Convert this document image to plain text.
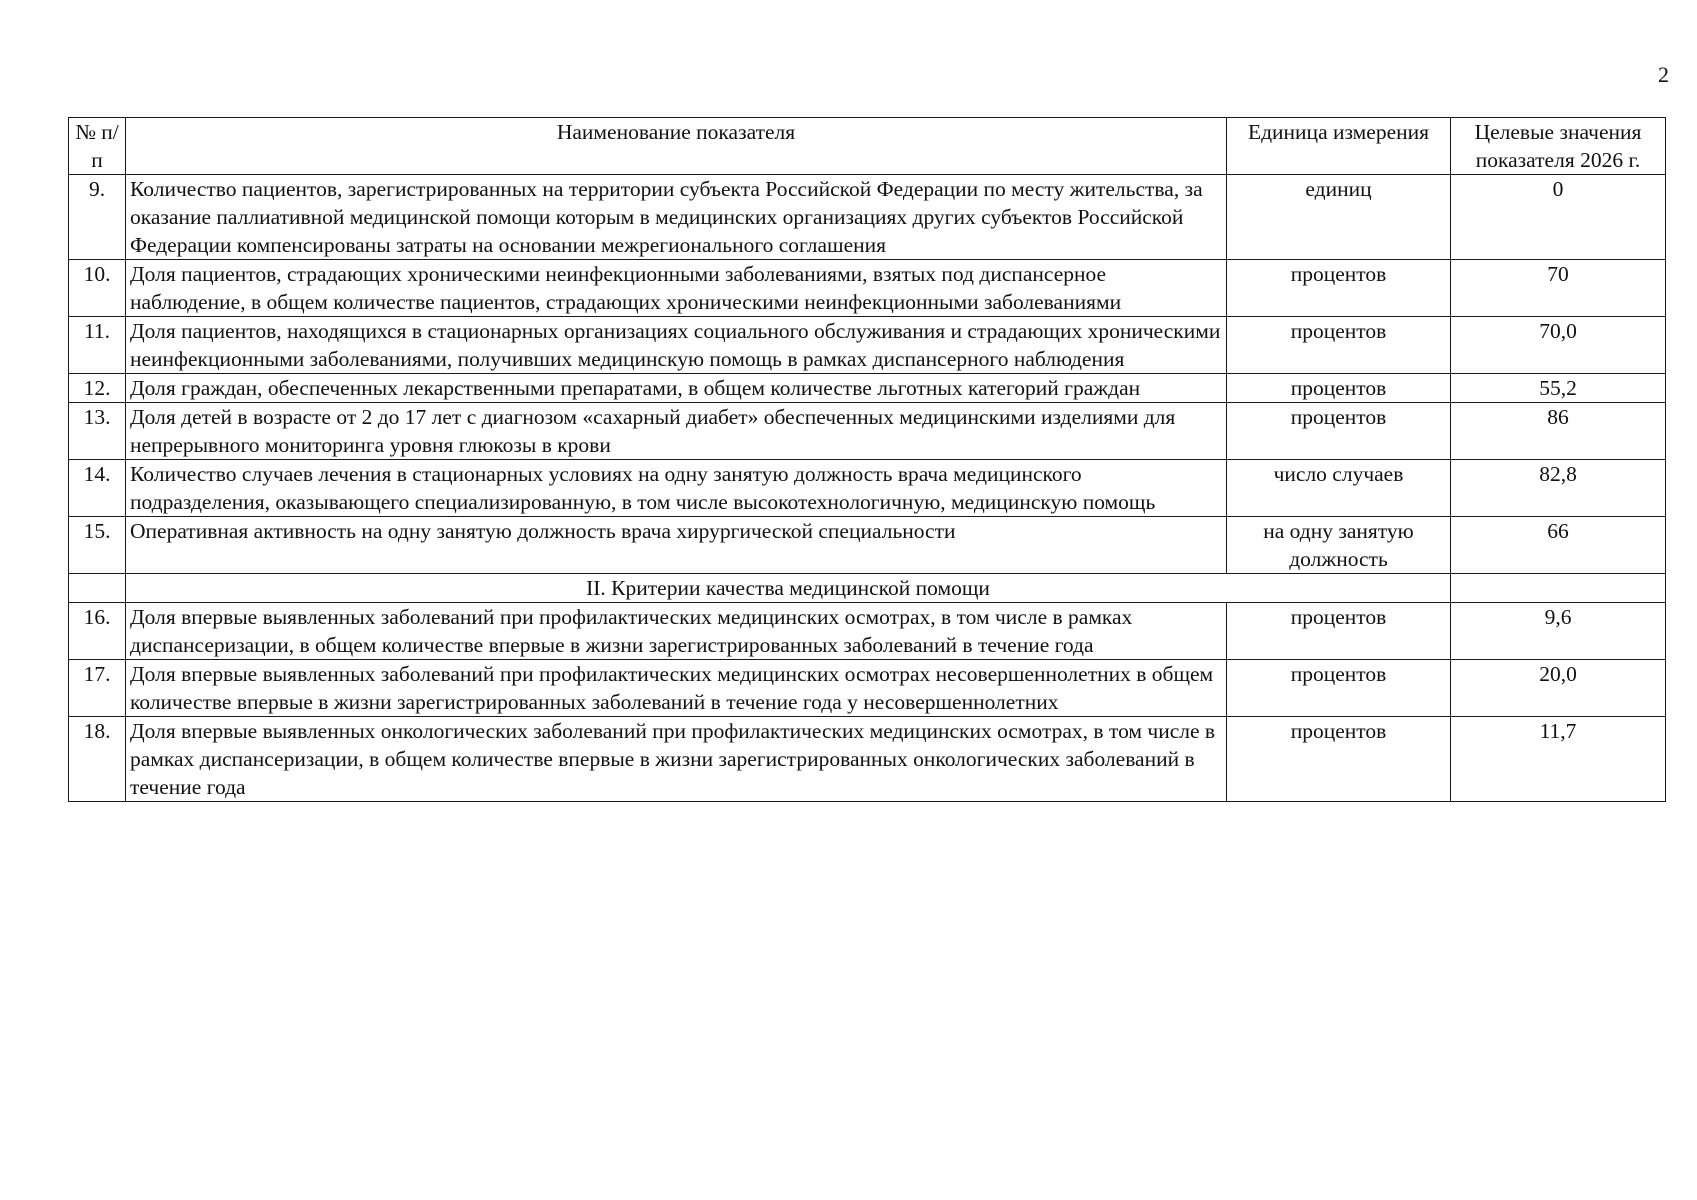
2
№ п/п	Наименование показателя	Единица измерения	Целевые значения показателя 2026 г.
9.	Количество пациентов, зарегистрированных на территории субъекта Российской Федерации по месту жительства, за оказание паллиативной медицинской помощи которым в медицинских организациях других субъектов Российской Федерации компенсированы затраты на основании межрегионального соглашения	единиц	0
10.	Доля пациентов, страдающих хроническими неинфекционными заболеваниями, взятых под диспансерное наблюдение, в общем количестве пациентов, страдающих хроническими неинфекционными заболеваниями	процентов	70
11.	Доля пациентов, находящихся в стационарных организациях социального обслуживания и страдающих хроническими неинфекционными заболеваниями, получивших медицинскую помощь в рамках диспансерного наблюдения	процентов	70,0
12.	Доля граждан, обеспеченных лекарственными препаратами, в общем количестве льготных категорий граждан	процентов	55,2
13.	Доля детей в возрасте от 2 до 17 лет с диагнозом «сахарный диабет» обеспеченных медицинскими изделиями для непрерывного мониторинга уровня глюкозы в крови	процентов	86
14.	Количество случаев лечения в стационарных условиях на одну занятую должность врача медицинского подразделения, оказывающего специализированную, в том числе высокотехнологичную, медицинскую помощь	число случаев	82,8
15.	Оперативная активность на одну занятую должность врача хирургической специальности	на одну занятую должность	66
	II. Критерии качества медицинской помощи		
16.	Доля впервые выявленных заболеваний при профилактических медицинских осмотрах, в том числе в рамках диспансеризации, в общем количестве впервые в жизни зарегистрированных заболеваний в течение года	процентов	9,6
17.	Доля впервые выявленных заболеваний при профилактических медицинских осмотрах несовершеннолетних в общем количестве впервые в жизни зарегистрированных заболеваний в течение года у несовершеннолетних	процентов	20,0
18.	Доля впервые выявленных онкологических заболеваний при профилактических медицинских осмотрах, в том числе в рамках диспансеризации, в общем количестве впервые в жизни зарегистрированных онкологических заболеваний в течение года	процентов	11,7
